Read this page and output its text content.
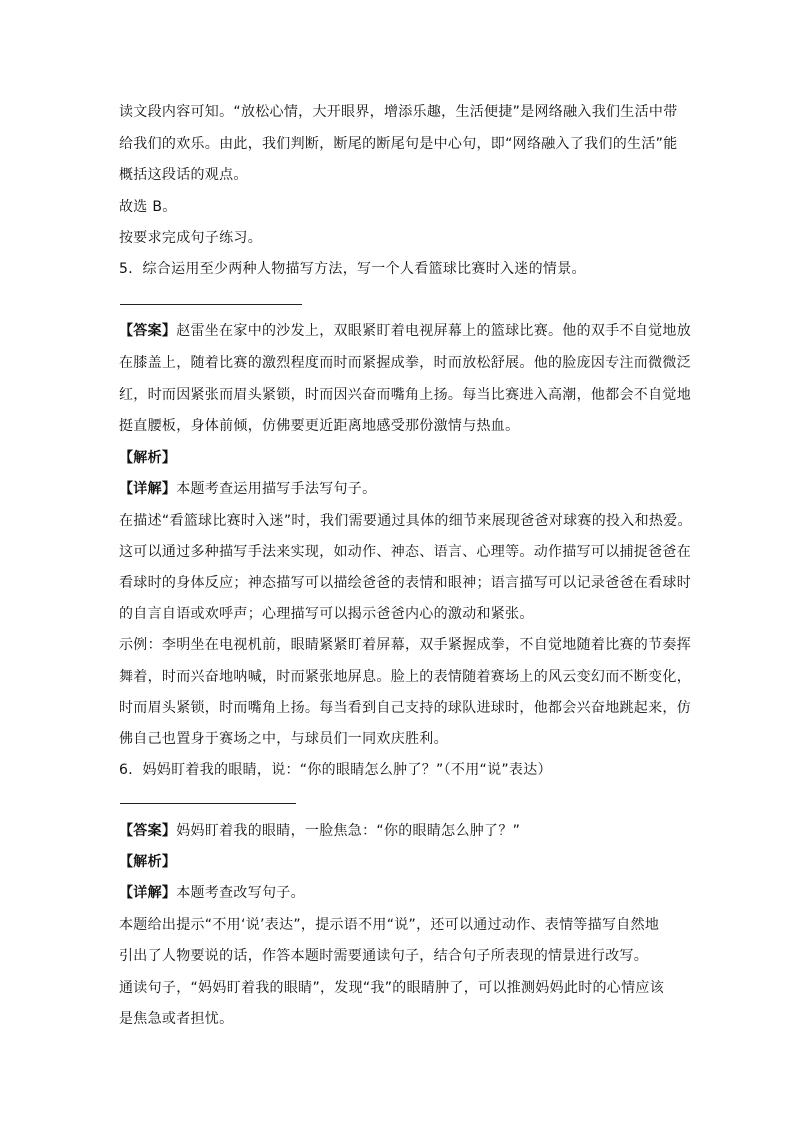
读文段内容可知。“放松心情，大开眼界，增添乐趣，生活便捷”是网络融入我们生活中带
给我们的欢乐。由此，我们判断，断尾的断尾句是中心句，即“网络融入了我们的生活”能
概括这段话的观点。
故选 B。
按要求完成句子练习。
5．综合运用至少两种人物描写方法，写一个人看篮球比赛时入迷的情景。
【答案】赵雷坐在家中的沙发上，双眼紧盯着电视屏幕上的篮球比赛。他的双手不自觉地放
在膝盖上，随着比赛的激烈程度而时而紧握成拳，时而放松舒展。他的脸庞因专注而微微泛
红，时而因紧张而眉头紧锁，时而因兴奋而嘴角上扬。每当比赛进入高潮，他都会不自觉地
挺直腰板，身体前倾，仿佛要更近距离地感受那份激情与热血。
【解析】
【详解】本题考查运用描写手法写句子。
在描述“看篮球比赛时入迷”时，我们需要通过具体的细节来展现爸爸对球赛的投入和热爱。
这可以通过多种描写手法来实现，如动作、神态、语言、心理等。动作描写可以捕捉爸爸在
看球时的身体反应；神态描写可以描绘爸爸的表情和眼神；语言描写可以记录爸爸在看球时
的自言自语或欢呼声；心理描写可以揭示爸爸内心的激动和紧张。
示例：李明坐在电视机前，眼睛紧紧盯着屏幕，双手紧握成拳，不自觉地随着比赛的节奏挥
舞着，时而兴奋地呐喊，时而紧张地屏息。脸上的表情随着赛场上的风云变幻而不断变化，
时而眉头紧锁，时而嘴角上扬。每当看到自己支持的球队进球时，他都会兴奋地跳起来，仿
佛自己也置身于赛场之中，与球员们一同欢庆胜利。
6．妈妈盯着我的眼睛，说：“你的眼睛怎么肿了？”（不用“说”表达）
【答案】妈妈盯着我的眼睛，一脸焦急：“你的眼睛怎么肿了？”
【解析】
【详解】本题考查改写句子。
本题给出提示“不用‘说’表达”，提示语不用“说”，还可以通过动作、表情等描写自然地
引出了人物要说的话，作答本题时需要通读句子，结合句子所表现的情景进行改写。
通读句子，“妈妈盯着我的眼睛”，发现“我”的眼睛肿了，可以推测妈妈此时的心情应该
是焦急或者担忧。
